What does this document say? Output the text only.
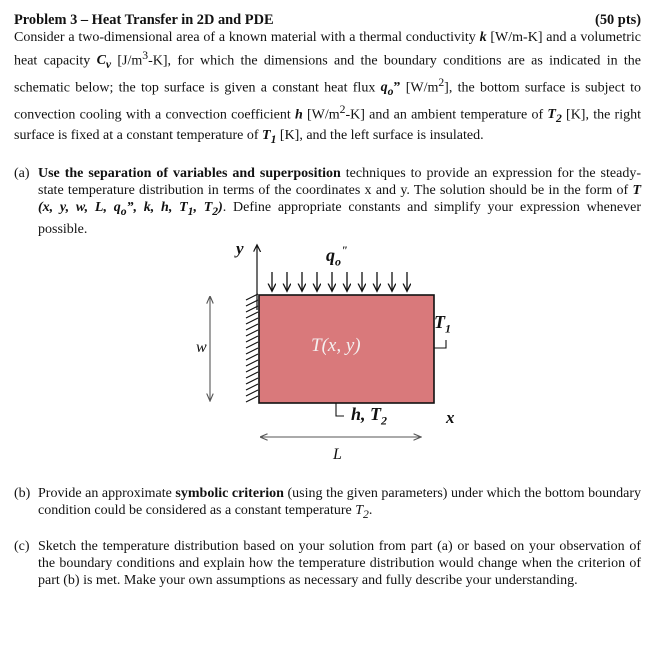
Problem 3 – Heat Transfer in 2D and PDE	(50 pts)
Consider a two-dimensional area of a known material with a thermal conductivity k [W/m-K] and a volumetric heat capacity $C_v$ $[J/m^3-K]$, for which the dimensions and the boundary conditions are as indicated in the schematic below; the top surface is given a constant heat flux $q_o$” $[W/m^2]$, the bottom surface is subject to convection cooling with a convection coefficient h $[W/m^2-K]$ and an ambient temperature of $T_2$ [K], the right surface is fixed at a constant temperature of $T_1$ [K], and the left surface is insulated.
(a) Use the separation of variables and superposition techniques to provide an expression for the steady-state temperature distribution in terms of the coordinates x and y. The solution should be in the form of T (x, y, w, L, $q_o$”, k, h, $T_1$, $T_2$). Define appropriate constants and simplify your expression whenever possible.
y	$q_o^"$
T(x, y)
$T_1$
h, $T_2$	x
w
L
(b) Provide an approximate symbolic criterion (using the given parameters) under which the bottom boundary condition could be considered as a constant temperature $T_2$.
(c) Sketch the temperature distribution based on your solution from part (a) or based on your observation of the boundary conditions and explain how the temperature distribution would change when the criterion of part (b) is met. Make your own assumptions as necessary and fully describe your understanding.
